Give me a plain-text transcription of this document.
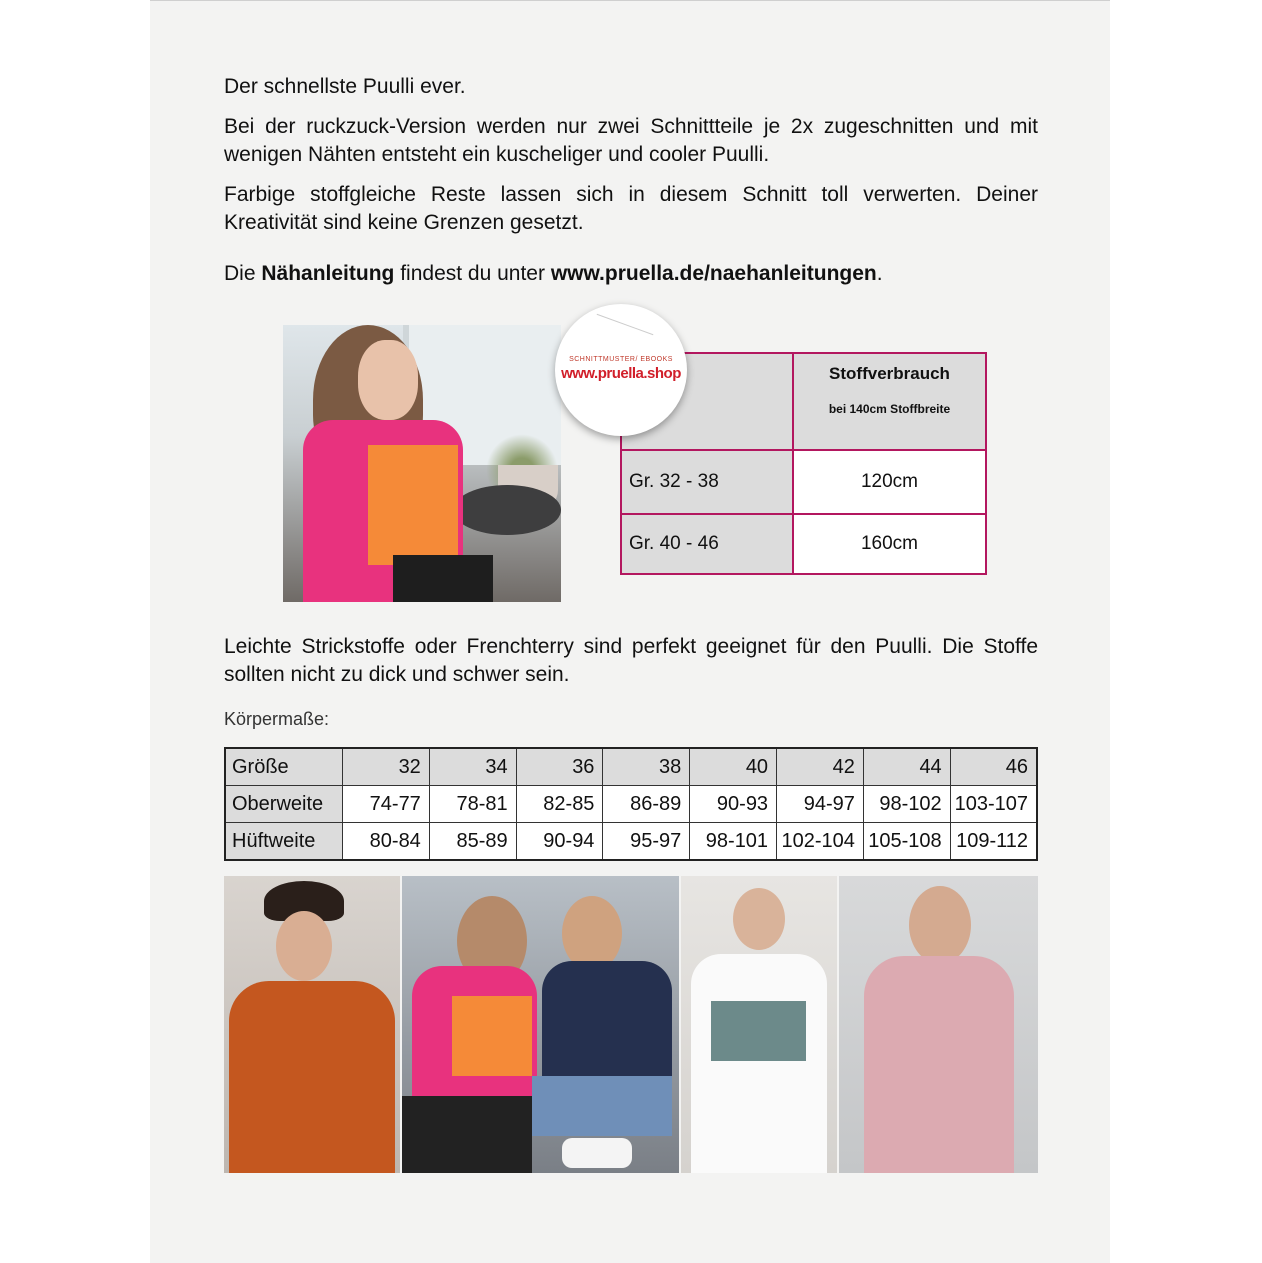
Der schnellste Puulli ever.

Bei der ruckzuck-Version werden nur zwei Schnittteile je 2x zugeschnitten und mit wenigen Nähten entsteht ein kuscheliger und cooler Puulli.

Farbige stoffgleiche Reste lassen sich in diesem Schnitt toll verwerten. Deiner Kreativität sind keine Grenzen gesetzt.

Die Nähanleitung findest du unter www.pruella.de/naehanleitungen.

SCHNITTMUSTER/ EBOOKS
www.pruella.shop

	Stoffverbrauch
bei 140cm Stoffbreite

Gr. 32 - 38	120cm
Gr. 40 - 46	160cm

Leichte Strickstoffe oder Frenchterry sind perfekt geeignet für den Puulli. Die Stoffe sollten nicht zu dick und schwer sein.

Körpermaße:
Größe	32	34	36	38	40	42	44	46
Oberweite	74-77	78-81	82-85	86-89	90-93	94-97	98-102	103-107
Hüftweite	80-84	85-89	90-94	95-97	98-101	102-104	105-108	109-112
